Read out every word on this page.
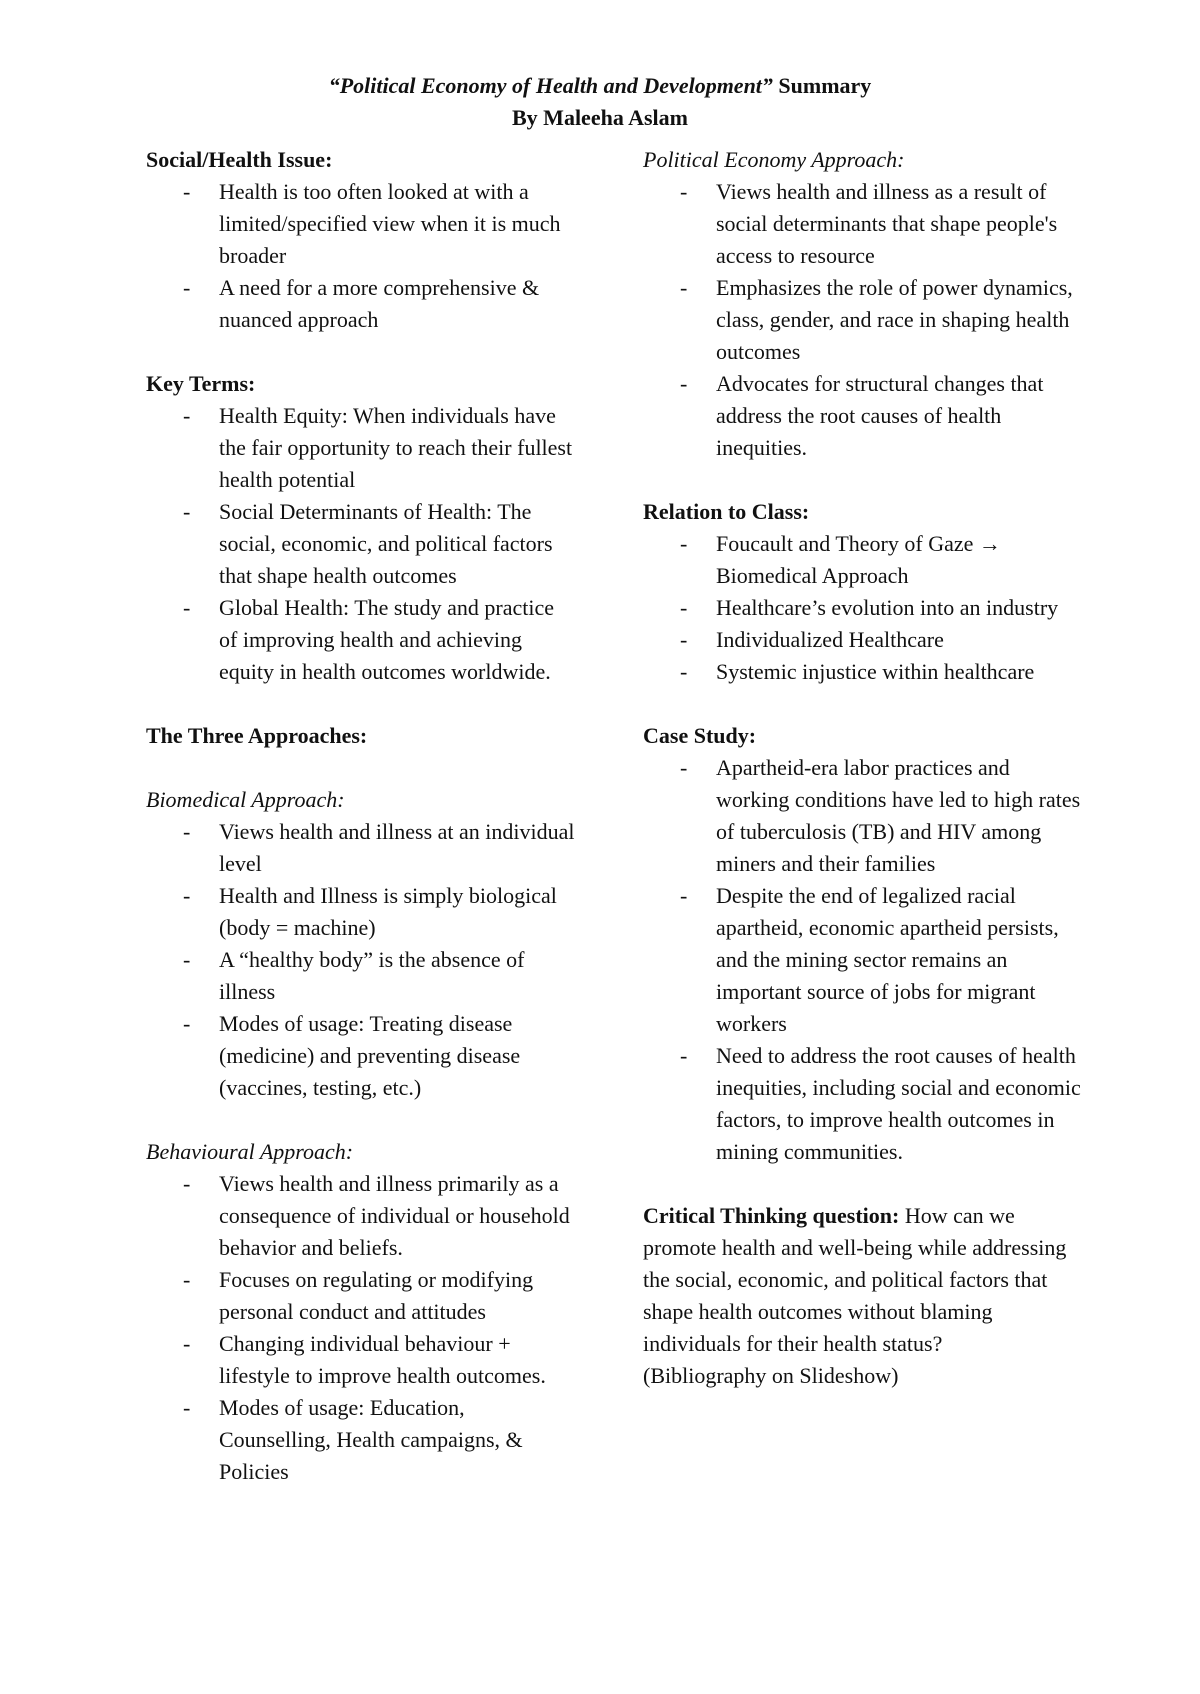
“Political Economy of Health and Development” Summary
By Maleeha Aslam

Social/Health Issue:

- Health is too often looked at with a limited/specified view when it is much broader
- A need for a more comprehensive & nuanced approach

Key Terms:

- Health Equity: When individuals have the fair opportunity to reach their fullest health potential
- Social Determinants of Health: The social, economic, and political factors that shape health outcomes
- Global Health: The study and practice of improving health and achieving equity in health outcomes worldwide.

The Three Approaches:

Biomedical Approach:

- Views health and illness at an individual level
- Health and Illness is simply biological (body = machine)
- A “healthy body” is the absence of illness
- Modes of usage: Treating disease (medicine) and preventing disease (vaccines, testing, etc.)

Behavioural Approach:

- Views health and illness primarily as a consequence of individual or household behavior and beliefs.
- Focuses on regulating or modifying personal conduct and attitudes
- Changing individual behaviour + lifestyle to improve health outcomes.
- Modes of usage: Education, Counselling, Health campaigns, & Policies

Political Economy Approach:

- Views health and illness as a result of social determinants that shape people's access to resource
- Emphasizes the role of power dynamics, class, gender, and race in shaping health outcomes
- Advocates for structural changes that address the root causes of health inequities.

Relation to Class:

- Foucault and Theory of Gaze → Biomedical Approach
- Healthcare’s evolution into an industry
- Individualized Healthcare
- Systemic injustice within healthcare

Case Study:

- Apartheid-era labor practices and working conditions have led to high rates of tuberculosis (TB) and HIV among miners and their families
- Despite the end of legalized racial apartheid, economic apartheid persists, and the mining sector remains an important source of jobs for migrant workers
- Need to address the root causes of health inequities, including social and economic factors, to improve health outcomes in mining communities.

Critical Thinking question: How can we promote health and well-being while addressing the social, economic, and political factors that shape health outcomes without blaming individuals for their health status?

(Bibliography on Slideshow)
